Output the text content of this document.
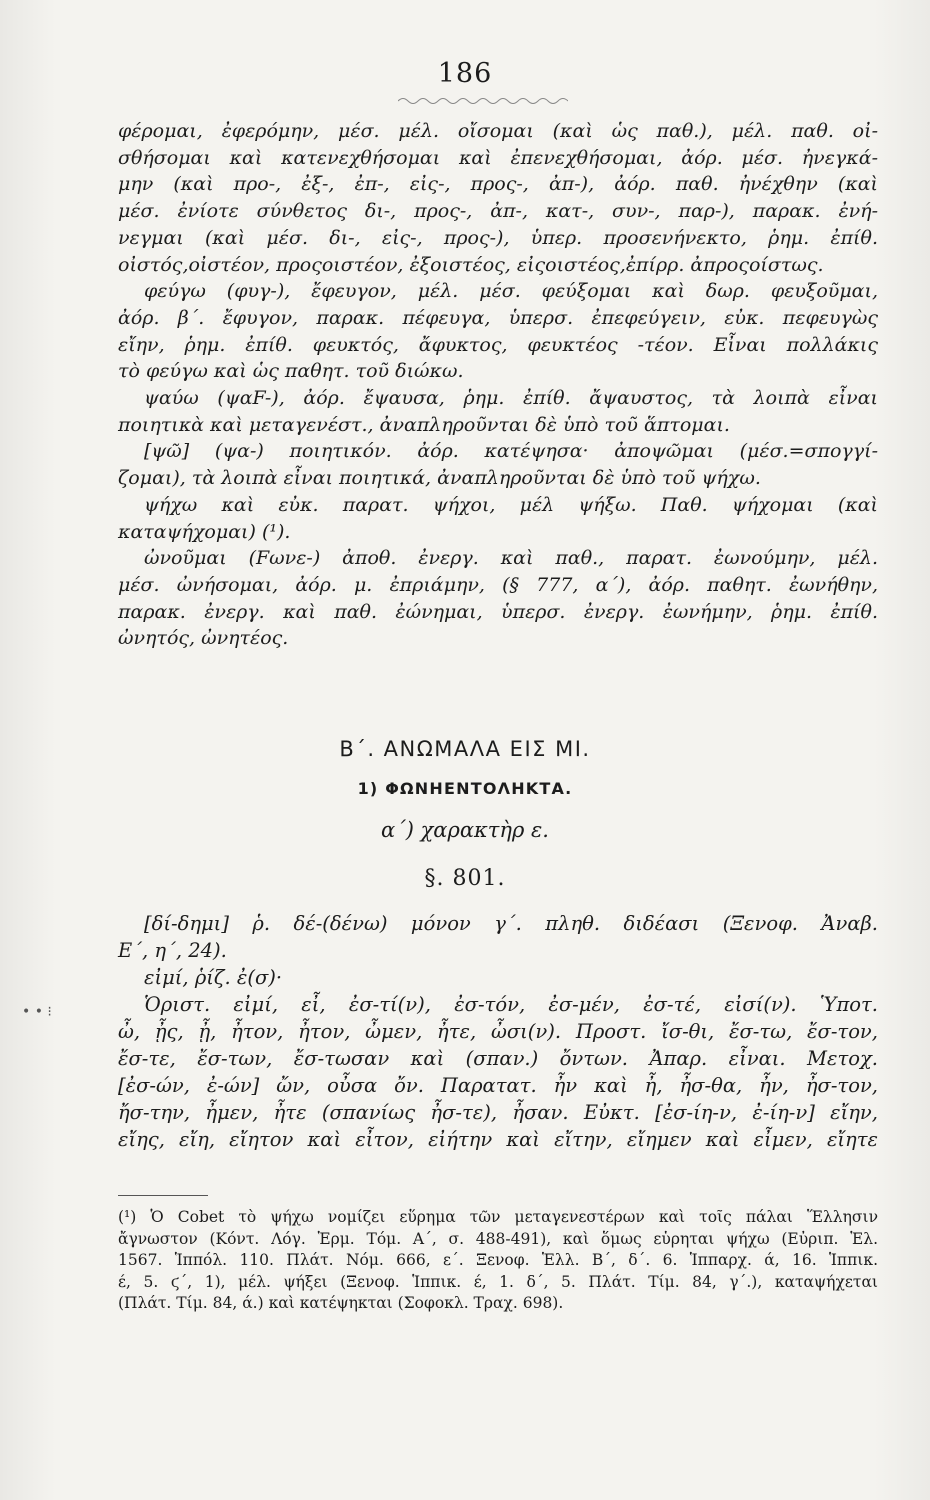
186
φέρομαι, ἐφερόμην, μέσ. μέλ. οἴσομαι (καὶ ὡς παθ.), μέλ. παθ. οἰ-
σθήσομαι καὶ κατενεχθήσομαι καὶ ἐπενεχθήσομαι, ἀόρ. μέσ. ἠνεγκά-
μην (καὶ προ-, ἐξ-, ἐπ-, εἰς-, προς-, ἀπ-), ἀόρ. παθ. ἠνέχθην (καὶ
μέσ. ἐνίοτε σύνθετος δι-, προς-, ἀπ-, κατ-, συν-, παρ-), παρακ. ἐνή-
νεγμαι (καὶ μέσ. δι-, εἰς-, προς-), ὑπερ. προσενήνεκτο, ῥημ. ἐπίθ.
οἰστός,οἰστέον, προςοιστέον, ἐξοιστέος, εἰςοιστέος,ἐπίρρ. ἀπροςοίστως.
φεύγω (φυγ-), ἔφευγον, μέλ. μέσ. φεύξομαι καὶ δωρ. φευξοῦμαι,
ἀόρ. β΄. ἔφυγον, παρακ. πέφευγα, ὑπερσ. ἐπεφεύγειν, εὐκ. πεφευγὼς
εἴην, ῥημ. ἐπίθ. φευκτός, ἄφυκτος, φευκτέος -τέον. Εἶναι πολλάκις
τὸ φεύγω καὶ ὡς παθητ. τοῦ διώκω.
ψαύω (ψαF-), ἀόρ. ἔψαυσα, ῥημ. ἐπίθ. ἄψαυστος, τὰ λοιπὰ εἶναι
ποιητικὰ καὶ μεταγενέστ., ἀναπληροῦνται δὲ ὑπὸ τοῦ ἅπτομαι.
[ψῶ] (ψα-) ποιητικόν. ἀόρ. κατέψησα· ἀποψῶμαι (μέσ.=σπογγί-
ζομαι), τὰ λοιπὰ εἶναι ποιητικά, ἀναπληροῦνται δὲ ὑπὸ τοῦ ψήχω.
ψήχω καὶ εὐκ. παρατ. ψήχοι, μέλ ψήξω. Παθ. ψήχομαι (καὶ
καταψήχομαι) (¹).
ὠνοῦμαι (Fωνε-) ἀποθ. ἐνεργ. καὶ παθ., παρατ. ἐωνούμην, μέλ.
μέσ. ὠνήσομαι, ἀόρ. μ. ἐπριάμην, (§ 777, α΄), ἀόρ. παθητ. ἐωνήθην,
παρακ. ἐνεργ. καὶ παθ. ἐώνημαι, ὑπερσ. ἐνεργ. ἐωνήμην, ῥημ. ἐπίθ.
ὠνητός, ὠνητέος.
Β΄. ΑΝΩΜΑΛΑ ΕΙΣ ΜΙ.
1) ΦΩΝΗΕΝΤΟΛΗΚΤΑ.
α΄) χαρακτὴρ ε.
§. 801.
• • ⁝
[δί-δημι] ῥ. δέ-(δένω) μόνον γ΄. πληθ. διδέασι (Ξενοφ. Ἀναβ.
Ε΄, η΄, 24).
εἰμί, ῥίζ. ἐ(σ)·
Ὁριστ. εἰμί, εἶ, ἐσ-τί(ν), ἐσ-τόν, ἐσ-μέν, ἐσ-τέ, εἰσί(ν). Ὑποτ.
ὦ, ᾖς, ᾖ, ἦτον, ἦτον, ὦμεν, ἦτε, ὦσι(ν). Προστ. ἴσ-θι, ἔσ-τω, ἔσ-τον,
ἔσ-τε, ἔσ-των, ἔσ-τωσαν καὶ (σπαν.) ὄντων. Ἀπαρ. εἶναι. Μετοχ.
[ἐσ-ών, ἐ-ών] ὤν, οὖσα ὄν. Παρατατ. ἦν καὶ ἦ, ἦσ-θα, ἦν, ἦσ-τον,
ἤσ-την, ἦμεν, ἦτε (σπανίως ἦσ-τε), ἦσαν. Εὐκτ. [ἐσ-ίη-ν, ἐ-ίη-ν] εἴην,
εἴης, εἴη, εἴητον καὶ εἶτον, εἰήτην καὶ εἴτην, εἴημεν καὶ εἶμεν, εἴητε
(¹) Ὁ Cobet τὸ ψήχω νομίζει εὕρημα τῶν μεταγενεστέρων καὶ τοῖς πάλαι Ἕλλησιν
ἄγνωστον (Κόντ. Λόγ. Ἑρμ. Τόμ. Α΄, σ. 488-491), καὶ ὅμως εὑρηται ψήχω (Εὐριπ. Ἑλ.
1567. Ἱππόλ. 110. Πλάτ. Νόμ. 666, ε΄. Ξενοφ. Ἑλλ. Β΄, δ΄. 6. Ἱππαρχ. ά, 16. Ἱππικ.
έ, 5. ϛ΄, 1), μέλ. ψήξει (Ξενοφ. Ἱππικ. έ, 1. δ΄, 5. Πλάτ. Τίμ. 84, γ΄.), καταψήχεται
(Πλάτ. Τίμ. 84, ά.) καὶ κατέψηκται (Σοφοκλ. Τραχ. 698).
